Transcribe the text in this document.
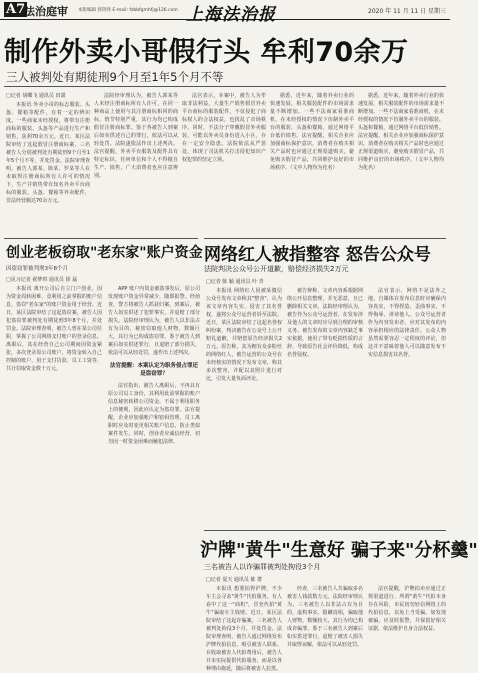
A7
法治庭审 本版编辑 郭剑烽 E-mail: fzbbfgmhfj@126.com 上海法治报	2020 年 11 月 11 日 星期三
制作外卖小哥假行头 牟利70余万
三人被判处有期徒刑9个月至1年5个月不等
□记者 胡蝶飞 通讯员 田潇

本报讯 外卖小哥的标志服装、头盔、餐箱等配件，有着一定的辨识度。一些商家未经授权，将带有注册商标的服装、头盔等产品进行生产和销售，获利70余万元。近日，某区法院审结了这起假冒注册商标案，三名被告人分别被判处有期徒刑9个月至1年5个月不等，并处罚金。法院审理查明，被告人郭某、陈某、罗某等人在未取得注册商标所有人许可的情况下，生产并销售带有知名外卖平台商标的服装、头盔、餐箱等外卖配件，非法经营额达70余万元。

法院经审理认为，被告人郭某等人未经注册商标所有人许可，在同一种商品上使用与其注册商标相同的商标，情节特别严重，其行为均已构成假冒注册商标罪。鉴于各被告人到案后如实供述自己的罪行，依法可以从轻处罚。法院遂依法作出上述判决。法官提醒，外卖平台服装及配件具有特定标识，任何单位和个人不得擅自生产、销售，广大消费者也应注意辨别。

法官表示，本案中，被告人为牟取非法利益，大量生产销售假冒外卖平台商标的服装配件，不仅侵犯了商标权人的合法权益，也扰乱了市场秩序。同时，不法分子穿戴假冒外卖服装，可能以外卖员身份进入小区，存在一定安全隐患。法院依法从严惩处，体现了司法机关打击侵犯知识产权犯罪的坚定立场。

据悉，近年来，随着外卖行业的快速发展，相关服装配件的市场需求量不断增加。一些不法商家看准商机，在未经授权的情况下仿制外卖平台的服装、头盔和餐箱，通过网络平台低价销售。法官提醒，相关企业应加强商标保护意识，消费者在购买相关产品时也应通过正规渠道购买，避免购买假冒产品，共同维护良好的市场秩序。（文中人物均为化名）

据悉，近年来，随着外卖行业的快速发展，相关服装配件的市场需求量不断增加。一些不法商家看准商机，在未经授权的情况下仿制外卖平台的服装、头盔和餐箱，通过网络平台低价销售。法官提醒，相关企业应加强商标保护意识，消费者在购买相关产品时也应通过正规渠道购买，避免购买假冒产品，共同维护良好的市场秩序。（文中人物均为化名）

创业老板窃取"老东家"账户资金
因盗窃罪被判刑3年8个月
□见习记者 翟梦琪 通讯员 徐 磊

本报讯 离开公司后自立门户创业，因为资金周转困难，竟利用之前掌握的账户信息，盗窃"老东家"的账户资金用于经营。近日，某区法院审结了这起盗窃案，被告人因犯盗窃罪被判处有期徒刑3年8个月，并处罚金。法院审理查明，被告人曾在某公司任职，掌握了公司网络支付账户的登录信息。离职后，其在经营自己公司期间因资金紧张，多次登录原公司账户，将资金转入自己控制的账户，用于支付货款、员工工资等，共计窃取资金数十万元。

APP 账户内资金被盗事发后，原公司发现账户资金异常减少，随即报警。经侦查，警方将被告人抓获归案。到案后，被告人如实供述了犯罪事实，并退赔了部分损失。法院经审理认为，被告人以非法占有为目的，秘密窃取他人财物，数额巨大，其行为已构成盗窃罪。鉴于被告人到案后如实供述罪行，且退赔了部分损失，依法可以从轻处罚，遂作出上述判决。

法官提醒：本案认定为职务侵占罪还是盗窃罪？

法官指出，被告人离职后，不再具有原公司员工身份，其利用此前掌握的账户信息秘密转移公司资金，不属于利用职务上的便利，因此应认定为盗窃罪。法官提醒，企业应加强账户和密码管理，员工离职时应及时变更相关账户信息，防止类似案件发生。同时，创业者应诚信经营，切勿因一时资金困难而触犯法律。

网络红人被指整容 怒告公众号
法院判决公众号公开道歉，赔偿经济损失2万元
□记者 陈 颖 通讯员 叶 青

本报讯 网络红人因被某微信公众号发布文章称其"整容"，认为该文章内容失实，侵害了其名誉权，遂将公众号运营者诉至法院。近日，某区法院审结了这起名誉权纠纷案，判决被告在公众号上公开赔礼道歉，并赔偿原告经济损失2万元。原告称，其为拥有众多粉丝的网络红人，被告运营的公众号在未经核实的情况下发布文章，称其多次整容，并配以其照片进行对比，引发大量负面评论。

被告辩称，文章内容系根据网络公开信息整理，并无恶意，且已删除相关文章。法院经审理认为，被告作为公众号运营者，在发布涉及他人的文章时应尽到合理的审核义务。被告发布的文章内容缺乏事实依据，使用了带有贬损性质的言辞，导致原告社会评价降低，构成名誉侵权。

法官表示，网络不是法外之地，自媒体在发布信息时应确保内容真实，不得捏造、歪曲事实，不得侮辱、诽谤他人。公众号运营者作为内容发布者，应对其发布的内容承担相应的法律责任。公众人物虽然需要容忍一定程度的评论，但这并不意味着他人可以随意发布不实信息损害其名誉。

沪牌"黄牛"生意好 骗子来"分杯羹"
三名被告人以诈骗罪被判处拘役3个月
□记者 夏天 通讯员 陈 群

本报讯 想要拍得沪牌，不少车主会寻求"黄牛"代拍服务。有人看中了这一"商机"，冒充代拍"黄牛"骗取车主钱财。近日，某区法院审结了这起诈骗案，三名被告人被判处拘役3个月，并处罚金。法院审理查明，被告人通过网络发布沪牌代拍信息，吸引被害人联系。在收取被害人代拍费用后，被告人并未实际提供代拍服务，而是以各种理由拖延，随后将被害人拉黑。

经查，三名被告人共骗取多名被害人钱款数万元。法院经审理认为，三名被告人以非法占有为目的，虚构事实、隐瞒真相，骗取他人财物，数额较大，其行为均已构成诈骗罪。鉴于三名被告人到案后如实供述罪行，退赔了被害人损失并取得谅解，依法可以从轻处罚。

法官提醒，沪牌拍卖应通过正规渠道进行，所谓"黄牛"代拍本身存在风险，市民切勿轻信网络上的代拍信息，以免上当受骗。如发现被骗，应及时报警，并保留好相关证据，依法维护自身合法权益。
